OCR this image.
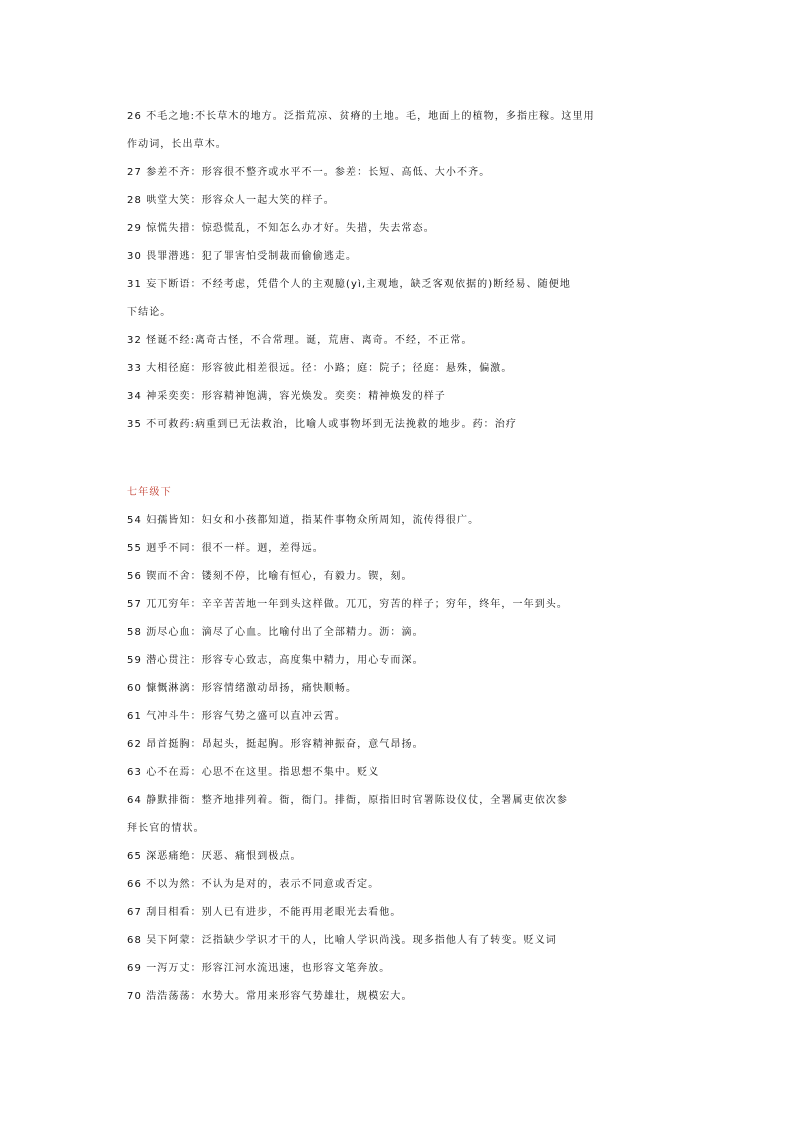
26 不毛之地:不长草木的地方。泛指荒凉、贫瘠的土地。毛，地面上的植物，多指庄稼。这里用
作动词，长出草木。
27 参差不齐：形容很不整齐或水平不一。参差：长短、高低、大小不齐。
28 哄堂大笑：形容众人一起大笑的样子。
29 惊慌失措：惊恐慌乱，不知怎么办才好。失措，失去常态。
30 畏罪潜逃：犯了罪害怕受制裁而偷偷逃走。
31 妄下断语：不经考虑，凭借个人的主观臆(yì,主观地，缺乏客观依据的)断经易、随便地
下结论。
32 怪诞不经:离奇古怪，不合常理。诞，荒唐、离奇。不经，不正常。
33 大相径庭：形容彼此相差很远。径：小路；庭：院子；径庭：悬殊，偏激。
34 神采奕奕：形容精神饱满，容光焕发。奕奕：精神焕发的样子
35 不可救药:病重到已无法救治，比喻人或事物坏到无法挽救的地步。药：治疗
七年级下
54 妇孺皆知：妇女和小孩都知道，指某件事物众所周知，流传得很广。
55 迥乎不同：很不一样。迥，差得远。
56 锲而不舍：镂刻不停，比喻有恒心，有毅力。锲，刻。
57 兀兀穷年：辛辛苦苦地一年到头这样做。兀兀，穷苦的样子；穷年，终年，一年到头。
58 沥尽心血：滴尽了心血。比喻付出了全部精力。沥：滴。
59 潜心贯注：形容专心致志，高度集中精力，用心专而深。
60 慷慨淋漓：形容情绪激动昂扬，痛快顺畅。
61 气冲斗牛：形容气势之盛可以直冲云霄。
62 昂首挺胸：昂起头，挺起胸。形容精神振奋，意气昂扬。
63 心不在焉：心思不在这里。指思想不集中。贬义
64 静默排衙：整齐地排列着。衙，衙门。排衙，原指旧时官署陈设仪仗，全署属吏依次参
拜长官的情状。
65 深恶痛绝：厌恶、痛恨到极点。
66 不以为然：不认为是对的，表示不同意或否定。
67 刮目相看：别人已有进步，不能再用老眼光去看他。
68 吴下阿蒙：泛指缺少学识才干的人，比喻人学识尚浅。现多指他人有了转变。贬义词
69 一泻万丈：形容江河水流迅速，也形容文笔奔放。
70 浩浩荡荡：水势大。常用来形容气势雄壮，规模宏大。
